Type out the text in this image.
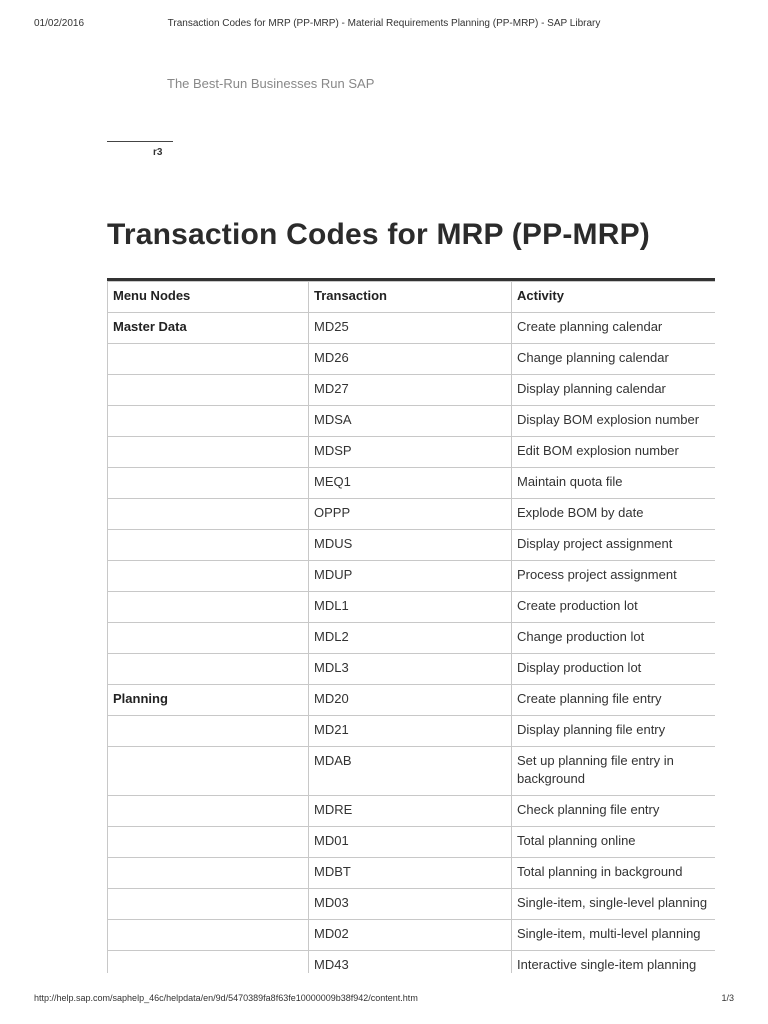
01/02/2016	Transaction Codes for MRP (PP-MRP) - Material Requirements Planning (PP-MRP) - SAP Library
The Best-Run Businesses Run SAP
r3
Transaction Codes for MRP (PP-MRP)
Menu Nodes	Transaction	Activity
Master Data	MD25	Create planning calendar
	MD26	Change planning calendar
	MD27	Display planning calendar
	MDSA	Display BOM explosion number
	MDSP	Edit BOM explosion number
	MEQ1	Maintain quota file
	OPPP	Explode BOM by date
	MDUS	Display project assignment
	MDUP	Process project assignment
	MDL1	Create production lot
	MDL2	Change production lot
	MDL3	Display production lot
Planning	MD20	Create planning file entry
	MD21	Display planning file entry
	MDAB	Set up planning file entry in background
	MDRE	Check planning file entry
	MD01	Total planning online
	MDBT	Total planning in background
	MD03	Single-item, single-level planning
	MD02	Single-item, multi-level planning
	MD43	Interactive single-item planning

http://help.sap.com/saphelp_46c/helpdata/en/9d/5470389fa8f63fe10000009b38f942/content.htm	1/3
